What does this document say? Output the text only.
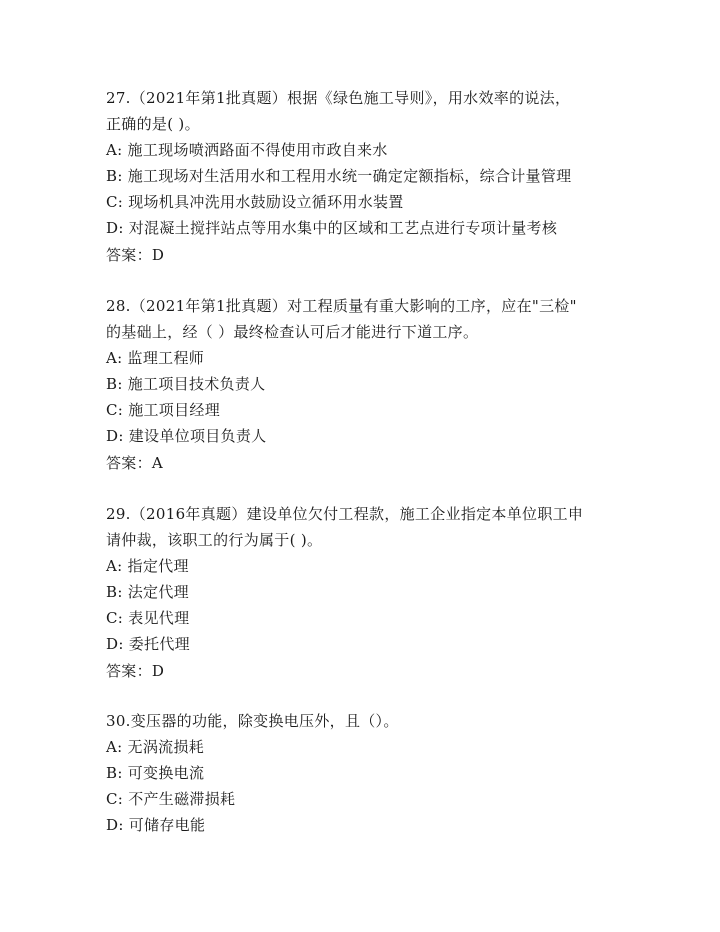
27.（2021年第1批真题）根据《绿色施工导则》，用水效率的说法，
正确的是( )。
A: 施工现场喷洒路面不得使用市政自来水
B: 施工现场对生活用水和工程用水统一确定定额指标，综合计量管理
C: 现场机具冲洗用水鼓励设立循环用水装置
D: 对混凝土搅拌站点等用水集中的区域和工艺点进行专项计量考核
答案：D
28.（2021年第1批真题）对工程质量有重大影响的工序，应在"三检"
的基础上，经（ ）最终检查认可后才能进行下道工序。
A: 监理工程师
B: 施工项目技术负责人
C: 施工项目经理
D: 建设单位项目负责人
答案：A
29.（2016年真题）建设单位欠付工程款，施工企业指定本单位职工申
请仲裁，该职工的行为属于( )。
A: 指定代理
B: 法定代理
C: 表见代理
D: 委托代理
答案：D
30.变压器的功能，除变换电压外，且（）。
A: 无涡流损耗
B: 可变换电流
C: 不产生磁滞损耗
D: 可储存电能
